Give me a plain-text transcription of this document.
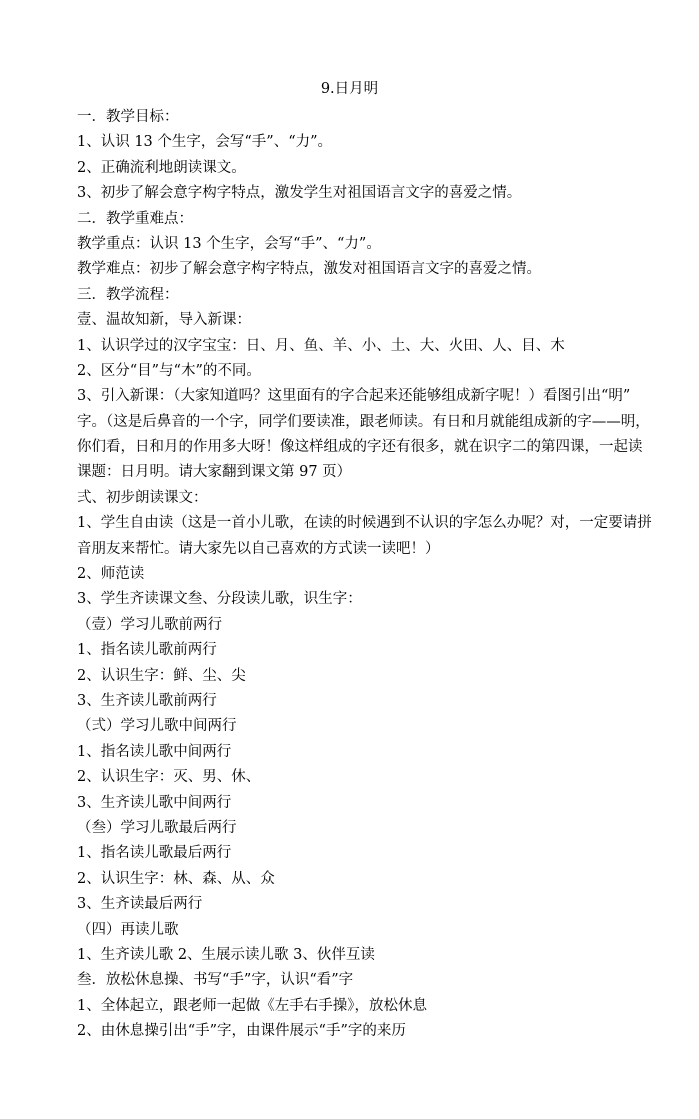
9.日月明
一．教学目标：
1、认识 13 个生字，会写“手”、“力”。
2、正确流利地朗读课文。
3、初步了解会意字构字特点，激发学生对祖国语言文字的喜爱之情。
二．教学重难点：
教学重点：认识 13 个生字，会写“手”、“力”。
教学难点：初步了解会意字构字特点，激发对祖国语言文字的喜爱之情。
三．教学流程：
壹、温故知新，导入新课：
1、认识学过的汉字宝宝：日、月、鱼、羊、小、土、大、火田、人、目、木
2、区分“目”与“木”的不同。
3、引入新课：（大家知道吗？这里面有的字合起来还能够组成新字呢！）看图引出“明”
字。（这是后鼻音的一个字，同学们要读准，跟老师读。有日和月就能组成新的字——明，
你们看，日和月的作用多大呀！像这样组成的字还有很多，就在识字二的第四课，一起读
课题：日月明。请大家翻到课文第 97 页）
弍、初步朗读课文：
1、学生自由读（这是一首小儿歌，在读的时候遇到不认识的字怎么办呢？对，一定要请拼
音朋友来帮忙。请大家先以自己喜欢的方式读一读吧！）
2、师范读
3、学生齐读课文叁、分段读儿歌，识生字：
（壹）学习儿歌前两行
1、指名读儿歌前两行
2、认识生字：鲜、尘、尖
3、生齐读儿歌前两行
（弍）学习儿歌中间两行
1、指名读儿歌中间两行
2、认识生字：灭、男、休、
3、生齐读儿歌中间两行
（叁）学习儿歌最后两行
1、指名读儿歌最后两行
2、认识生字：林、森、从、众
3、生齐读最后两行
（四）再读儿歌
1、生齐读儿歌 2、生展示读儿歌 3、伙伴互读
叁．放松休息操、书写“手”字，认识“看”字
1、全体起立，跟老师一起做《左手右手操》，放松休息
2、由休息操引出“手”字，由课件展示“手”字的来历
